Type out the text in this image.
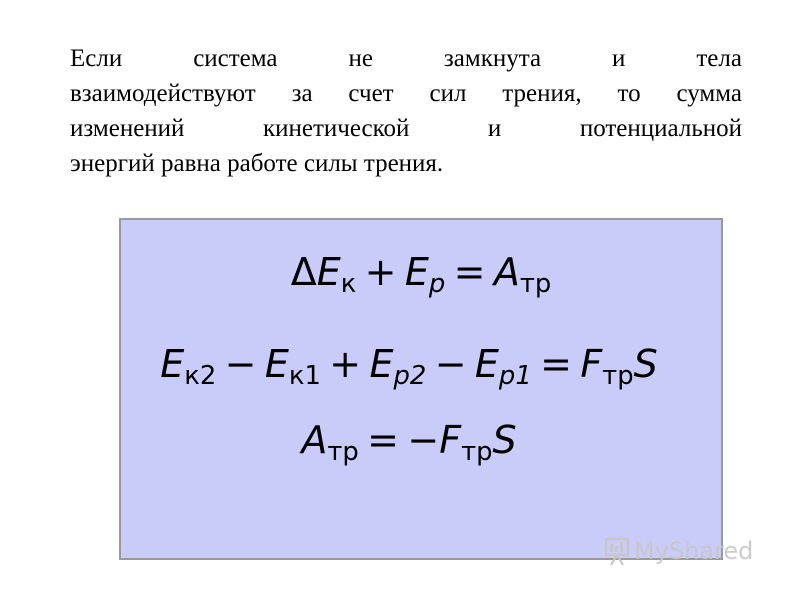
Если	система	не	замкнута	и	тела
взаимодействуют за счет сил трения, то сумма
изменений	кинетической	и	потенциальной
энергий равна работе силы трения.
$\Delta E_к + E_p = A_{тр}$
$E_{к2} - E_{к1} + E_{p2} - E_{p1} = F_{тр}S$
$A_{тр} = -F_{тр}S$
MyShared
